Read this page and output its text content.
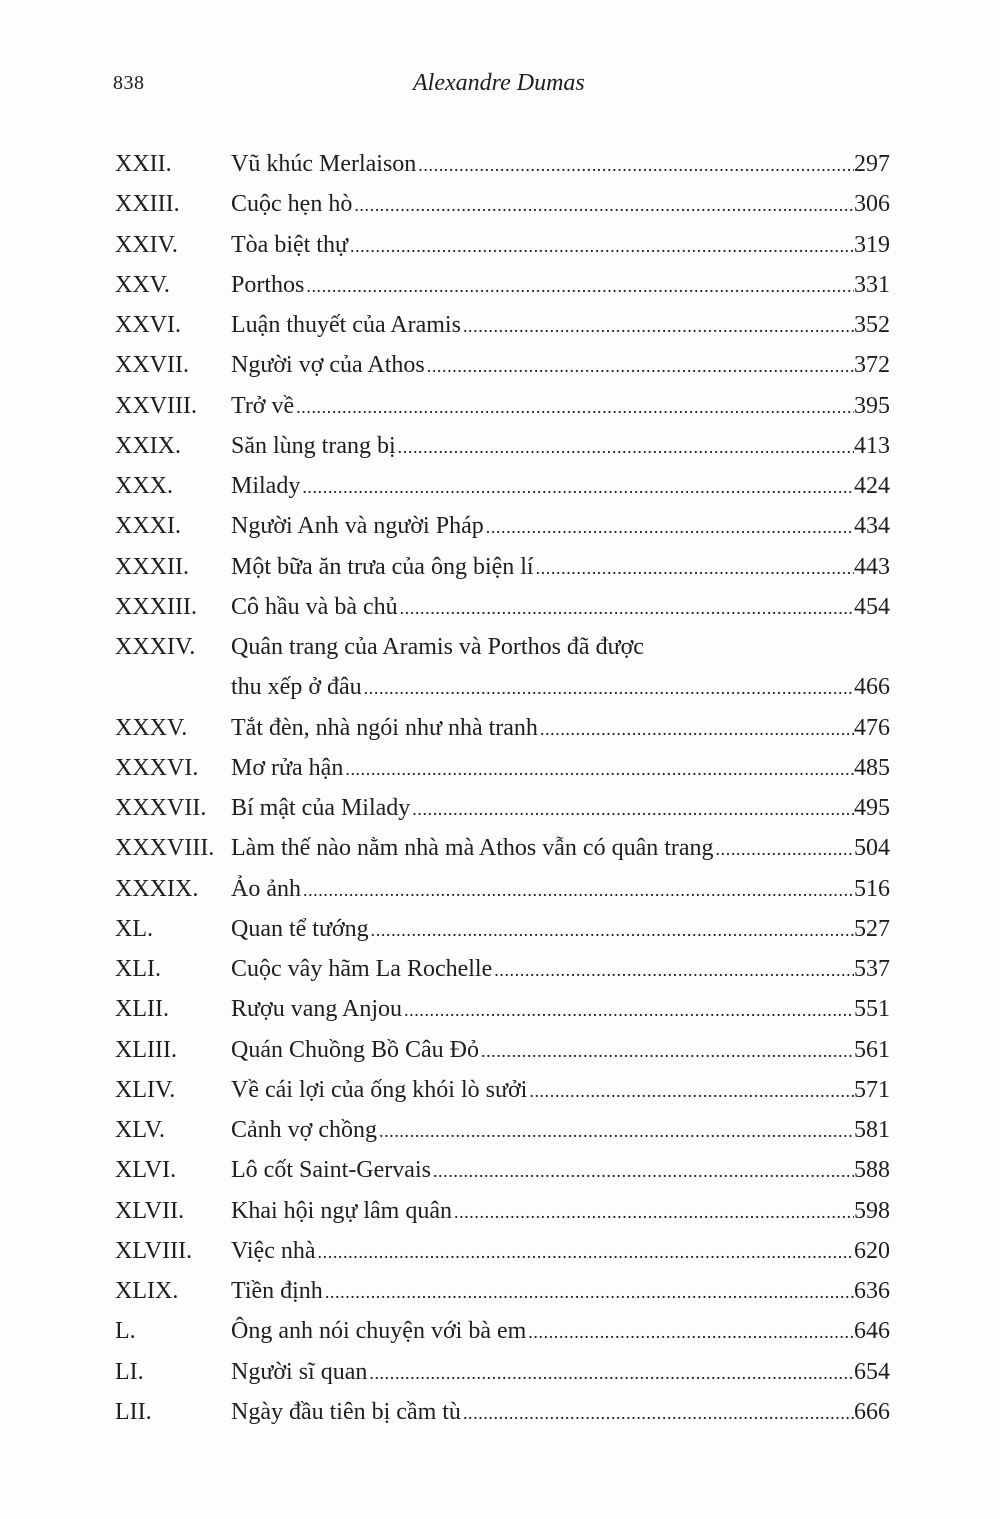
838	Alexandre Dumas
XXII. Vũ khúc Merlaison .....	297
XXIII. Cuộc hẹn hò .....	306
XXIV. Tòa biệt thự .....	319
XXV.	Porthos .....	331
XXVI. Luận thuyết của Aramis .....	352
XXVII. Người vợ của Athos .....	372
XXVIII. Trở về .....	395
XXIX. Săn lùng trang bị .....	413
XXX. Milady .....	424
XXXI. Người Anh và người Pháp .....	434
XXXII. Một bữa ăn trưa của ông biện lí .....	443
XXXIII. Cô hầu và bà chủ .....	454
XXXIV. Quân trang của Aramis và Porthos đã được
thu xếp ở đâu .....	466
XXXV. Tắt đèn, nhà ngói như nhà tranh .....	476
XXXVI. Mơ rửa hận .....	485
XXXVII. Bí mật của Milady .....	495
XXXVIII. Làm thế nào nằm nhà mà Athos vẫn có quân trang .....	504
XXXIX. Ảo ảnh .....	516
XL.	Quan tể tướng .....	527
XLI.	Cuộc vây hãm La Rochelle .....	537
XLII.	Rượu vang Anjou .....	551
XLIII. Quán Chuồng Bồ Câu Đỏ .....	561
XLIV. Về cái lợi của ống khói lò sưởi .....	571
XLV.	Cảnh vợ chồng .....	581
XLVI. Lô cốt Saint-Gervais .....	588
XLVII. Khai hội ngự lâm quân .....	598
XLVIII. Việc nhà .....	620
XLIX. Tiền định .....	636
L.	Ông anh nói chuyện với bà em .....	646
LI.	Người sĩ quan .....	654
LII.	Ngày đầu tiên bị cầm tù .....	666
